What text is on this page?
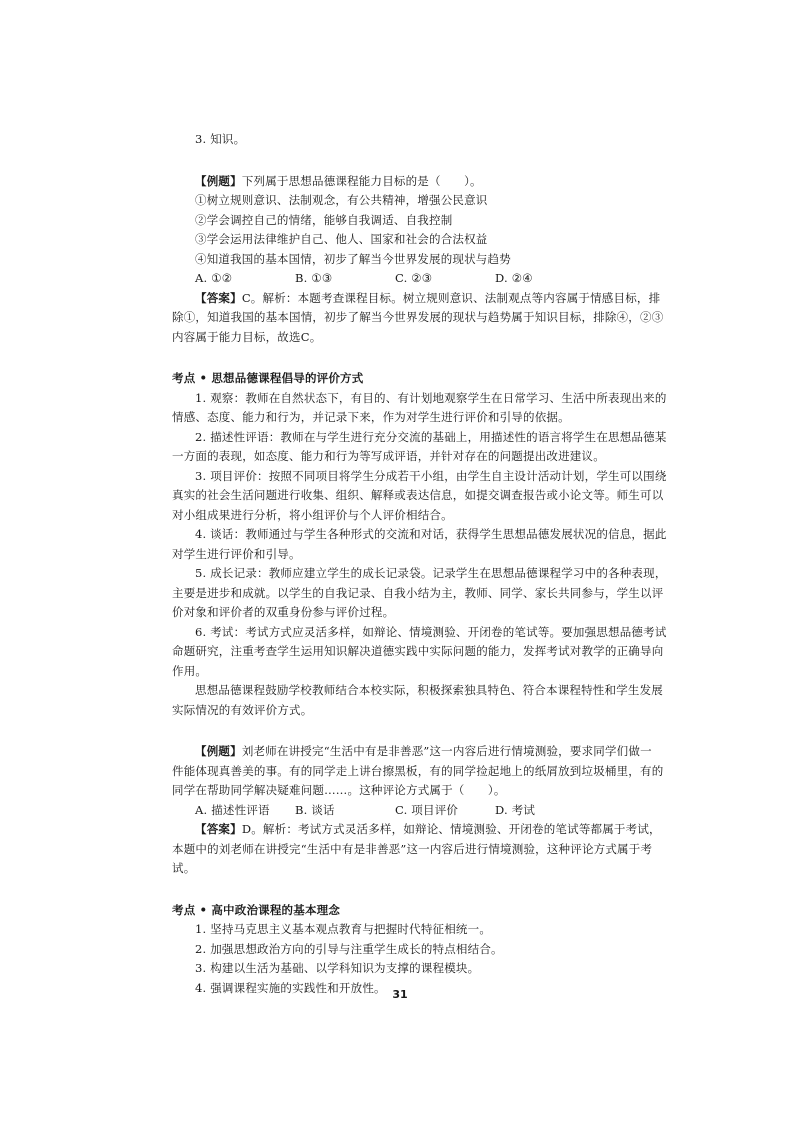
3. 知识。
【例题】下列属于思想品德课程能力目标的是（　　）。
①树立规则意识、法制观念，有公共精神，增强公民意识
②学会调控自己的情绪，能够自我调适、自我控制
③学会运用法律维护自己、他人、国家和社会的合法权益
④知道我国的基本国情，初步了解当今世界发展的现状与趋势
A. ①②	B. ①③	C. ②③	D. ②④
【答案】C。解析：本题考查课程目标。树立规则意识、法制观点等内容属于情感目标，排
除①，知道我国的基本国情，初步了解当今世界发展的现状与趋势属于知识目标，排除④，②③
内容属于能力目标，故选C。
考点 • 思想品德课程倡导的评价方式
1. 观察：教师在自然状态下，有目的、有计划地观察学生在日常学习、生活中所表现出来的
情感、态度、能力和行为，并记录下来，作为对学生进行评价和引导的依据。
2. 描述性评语：教师在与学生进行充分交流的基础上，用描述性的语言将学生在思想品德某
一方面的表现，如态度、能力和行为等写成评语，并针对存在的问题提出改进建议。
3. 项目评价：按照不同项目将学生分成若干小组，由学生自主设计活动计划，学生可以围绕
真实的社会生活问题进行收集、组织、解释或表达信息，如提交调查报告或小论文等。师生可以
对小组成果进行分析，将小组评价与个人评价相结合。
4. 谈话：教师通过与学生各种形式的交流和对话，获得学生思想品德发展状况的信息，据此
对学生进行评价和引导。
5. 成长记录：教师应建立学生的成长记录袋。记录学生在思想品德课程学习中的各种表现，
主要是进步和成就。以学生的自我记录、自我小结为主，教师、同学、家长共同参与，学生以评
价对象和评价者的双重身份参与评价过程。
6. 考试：考试方式应灵活多样，如辩论、情境测验、开闭卷的笔试等。要加强思想品德考试
命题研究，注重考查学生运用知识解决道德实践中实际问题的能力，发挥考试对教学的正确导向
作用。
思想品德课程鼓励学校教师结合本校实际，积极探索独具特色、符合本课程特性和学生发展
实际情况的有效评价方式。
【例题】刘老师在讲授完“生活中有是非善恶”这一内容后进行情境测验，要求同学们做一
件能体现真善美的事。有的同学走上讲台擦黑板，有的同学捡起地上的纸屑放到垃圾桶里，有的
同学在帮助同学解决疑难问题……。这种评论方式属于（　　）。
A. 描述性评语	B. 谈话	C. 项目评价	D. 考试
【答案】D。解析：考试方式灵活多样，如辩论、情境测验、开闭卷的笔试等都属于考试，
本题中的刘老师在讲授完“生活中有是非善恶”这一内容后进行情境测验，这种评论方式属于考
试。
考点 • 高中政治课程的基本理念
1. 坚持马克思主义基本观点教育与把握时代特征相统一。
2. 加强思想政治方向的引导与注重学生成长的特点相结合。
3. 构建以生活为基础、以学科知识为支撑的课程模块。
4. 强调课程实施的实践性和开放性。 31
